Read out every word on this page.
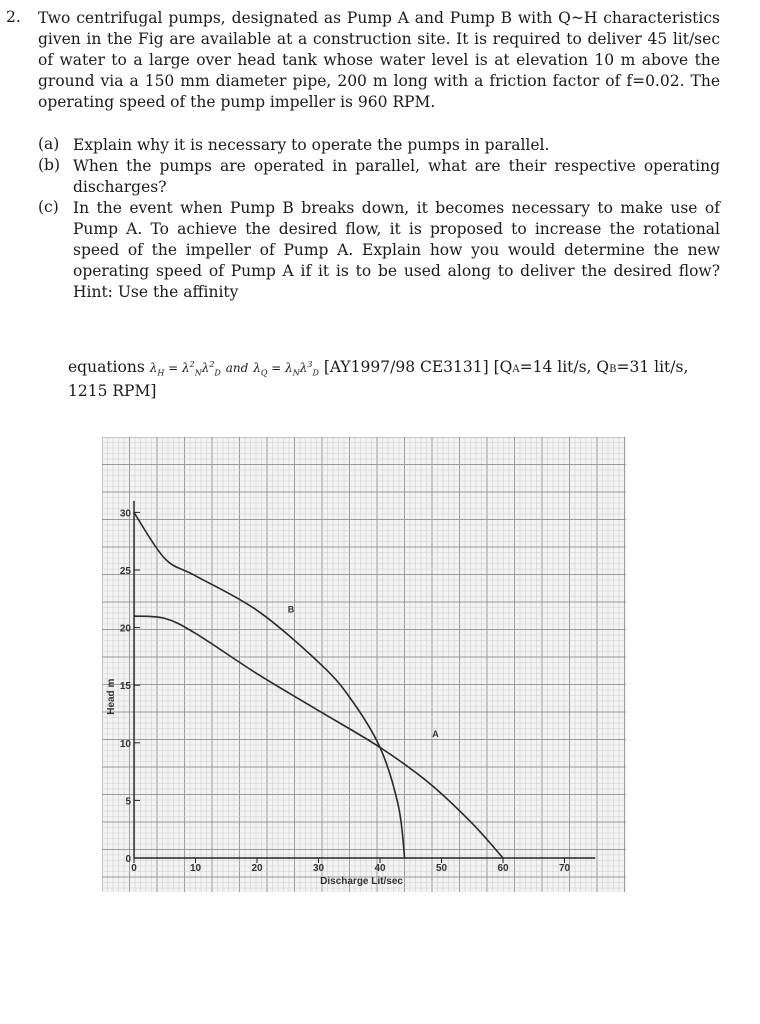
2. Two centrifugal pumps, designated as Pump A and Pump B with Q~H characteristics given in the Fig are available at a construction site. It is required to deliver 45 lit/sec of water to a large over head tank whose water level is at elevation 10 m above the ground via a 150 mm diameter pipe, 200 m long with a friction factor of f=0.02. The operating speed of the pump impeller is 960 RPM.
(a) Explain why it is necessary to operate the pumps in parallel.
(b) When the pumps are operated in parallel, what are their respective operating discharges?
(c) In the event when Pump B breaks down, it becomes necessary to make use of Pump A. To achieve the desired flow, it is proposed to increase the rotational speed of the impeller of Pump A. Explain how you would determine the new operating speed of Pump A if it is to be used along to deliver the desired flow? Hint: Use the affinity
equations $\lambda_H = \lambda^2_N\lambda^2_D$ and $\lambda_Q = \lambda_N\lambda^3_D$ [AY1997/98 CE3131] [QA=14 lit/s, QB=31 lit/s,
1215 RPM]
0	10	20	30	40	50	60	70
0
5
10
15
20
25
30
Discharge Lit/sec
Head m
A
B
